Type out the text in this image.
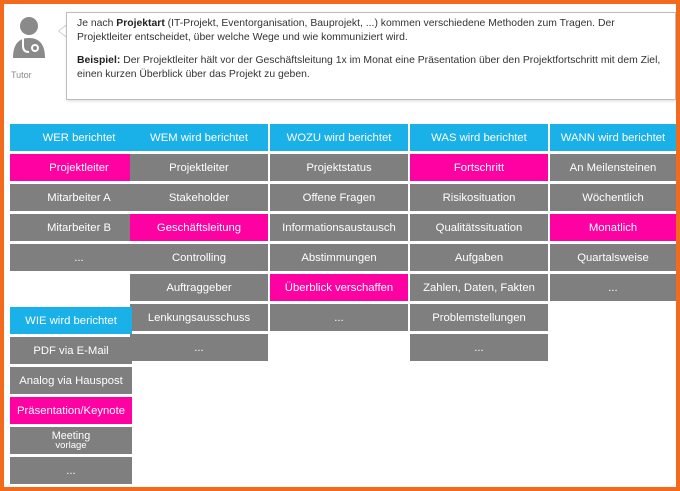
Tutor

Je nach Projektart (IT-Projekt, Eventorganisation, Bauprojekt, ...) kommen verschiedene Methoden zum Tragen. Der Projektleiter entscheidet, über welche Wege und wie kommuniziert wird.

Beispiel: Der Projektleiter hält vor der Geschäftsleitung 1x im Monat eine Präsentation über den Projektfortschritt mit dem Ziel, einen kurzen Überblick über das Projekt zu geben.

WER berichtet
Projektleiter
Mitarbeiter A
Mitarbeiter B
...
WEM wird berichtet
Projektleiter
Stakeholder
Geschäftsleitung
Controlling
Auftraggeber
Lenkungsausschuss
...
WOZU wird berichtet
Projektstatus
Offene Fragen
Informationsaustausch
Abstimmungen
Überblick verschaffen
...
WAS wird berichtet
Fortschritt
Risikosituation
Qualitätssituation
Aufgaben
Zahlen, Daten, Fakten
Problemstellungen
...
WANN wird berichtet
An Meilensteinen
Wöchentlich
Monatlich
Quartalsweise
...
WIE wird berichtet
PDF via E-Mail
Analog via Hauspost
Präsentation/Keynote
Meeting
vorlage
...
